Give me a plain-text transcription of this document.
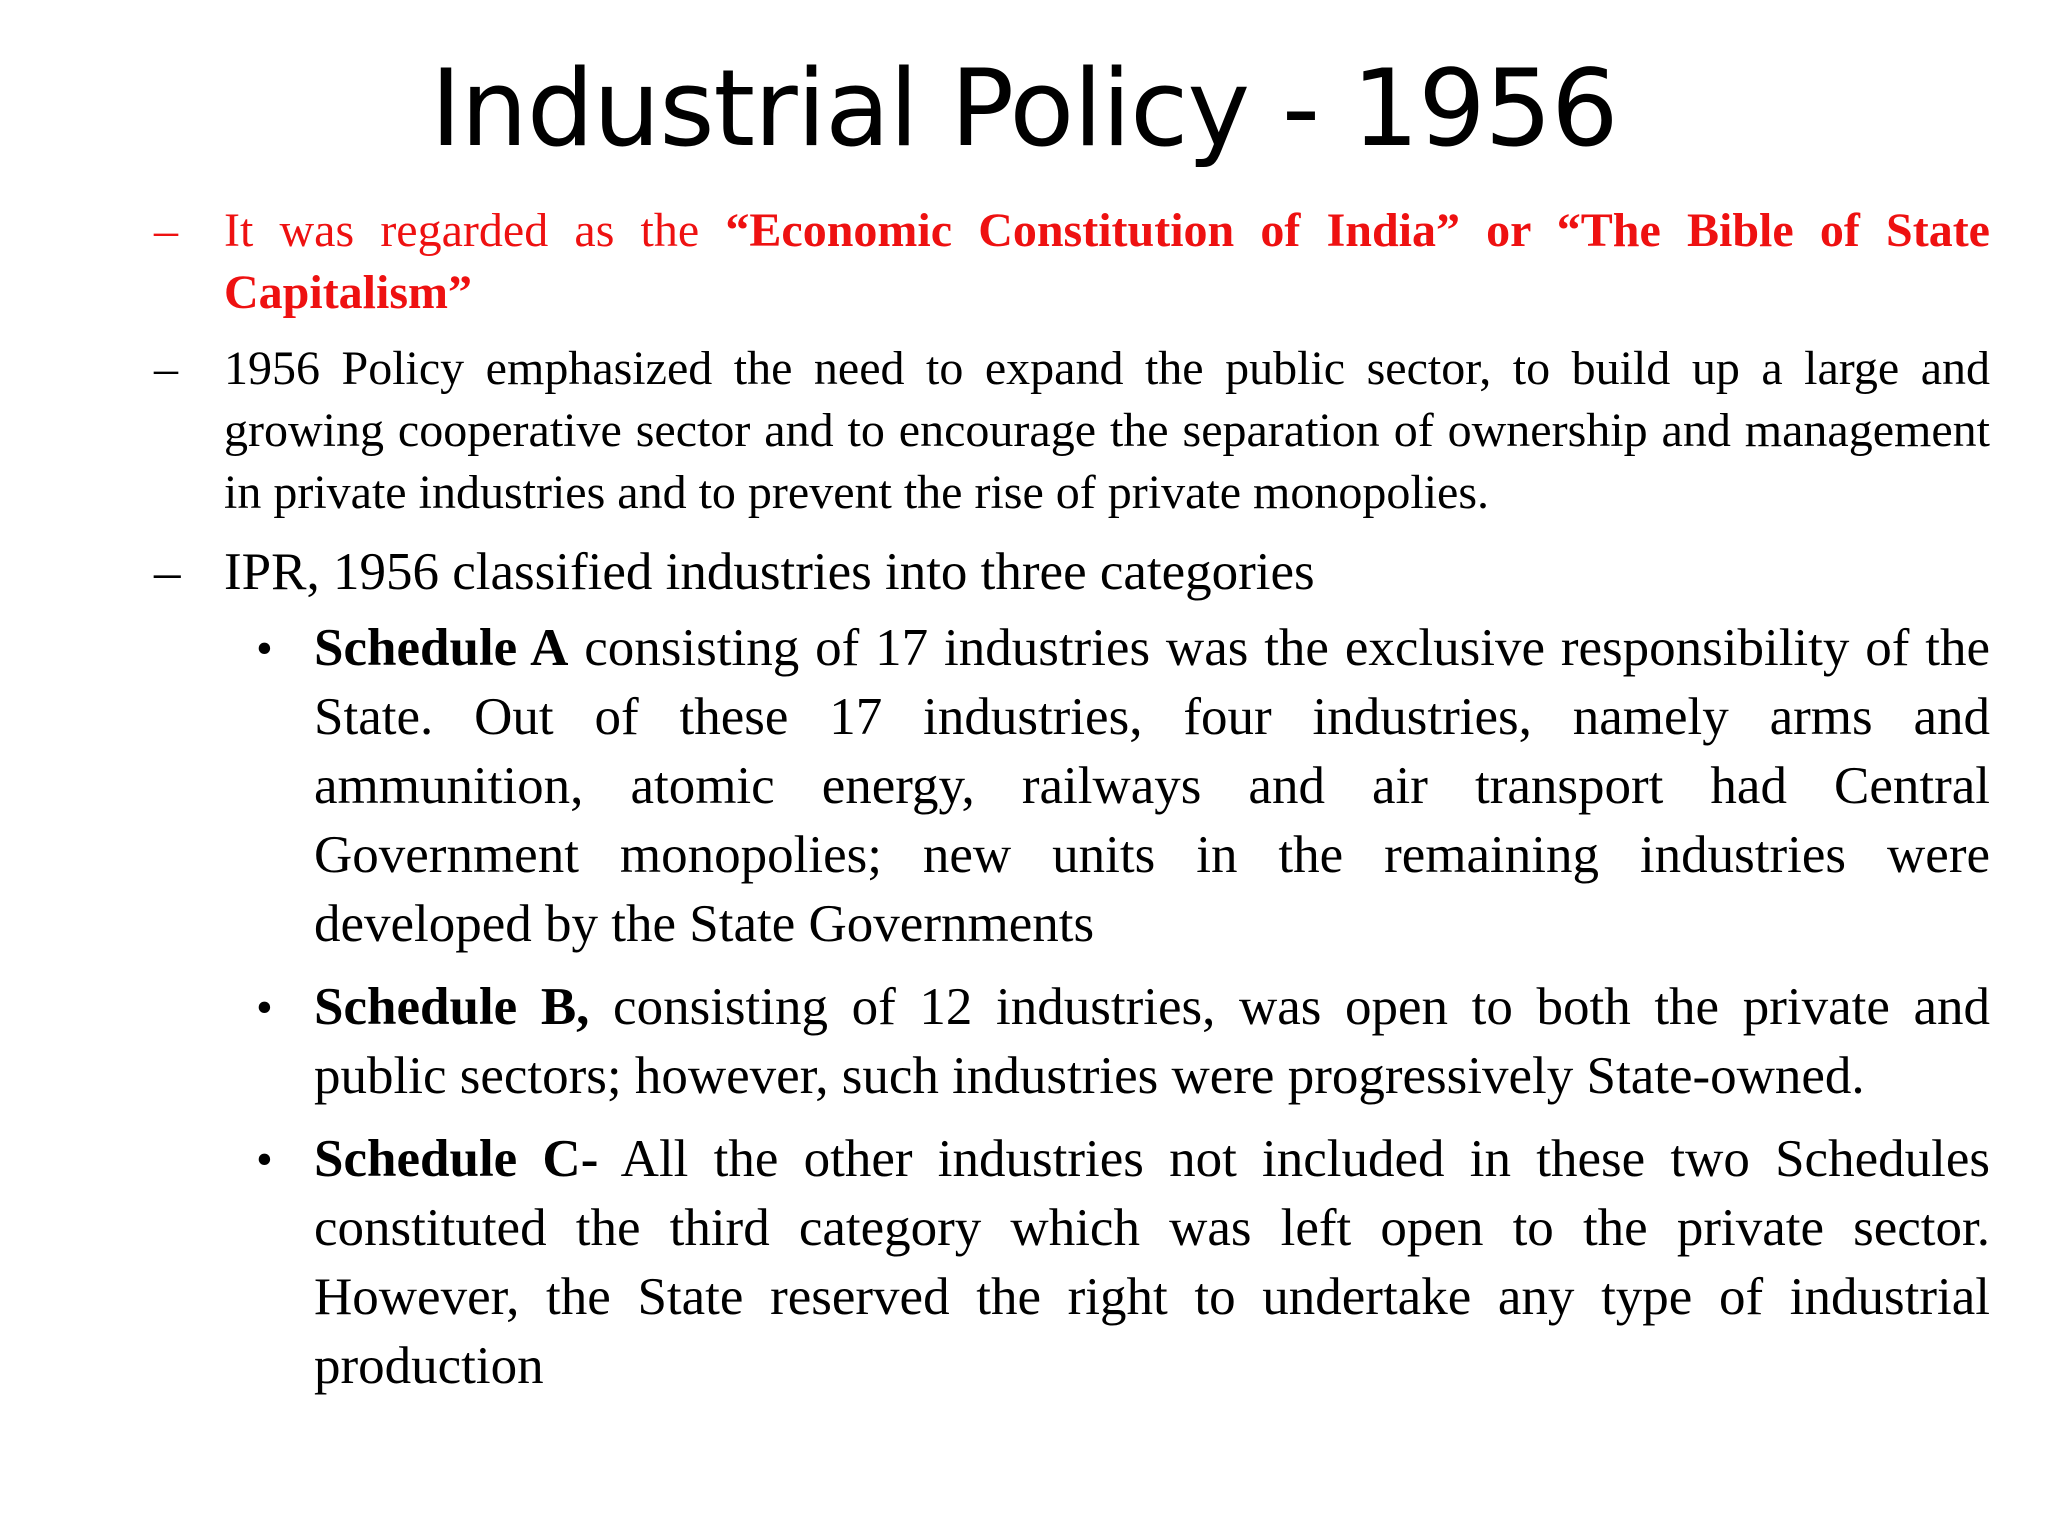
Industrial Policy - 1956
– It was regarded as the “Economic Constitution of India” or “The Bible of State Capitalism”
– 1956 Policy emphasized the need to expand the public sector, to build up a large and growing cooperative sector and to encourage the separation of ownership and management in private industries and to prevent the rise of private monopolies.
– IPR, 1956 classified industries into three categories
• Schedule A consisting of 17 industries was the exclusive responsibility of the State. Out of these 17 industries, four industries, namely arms and ammunition, atomic energy, railways and air transport had Central Government monopolies; new units in the remaining industries were developed by the State Governments
• Schedule B, consisting of 12 industries, was open to both the private and public sectors; however, such industries were progressively State-owned.
• Schedule C- All the other industries not included in these two Schedules constituted the third category which was left open to the private sector. However, the State reserved the right to undertake any type of industrial production
